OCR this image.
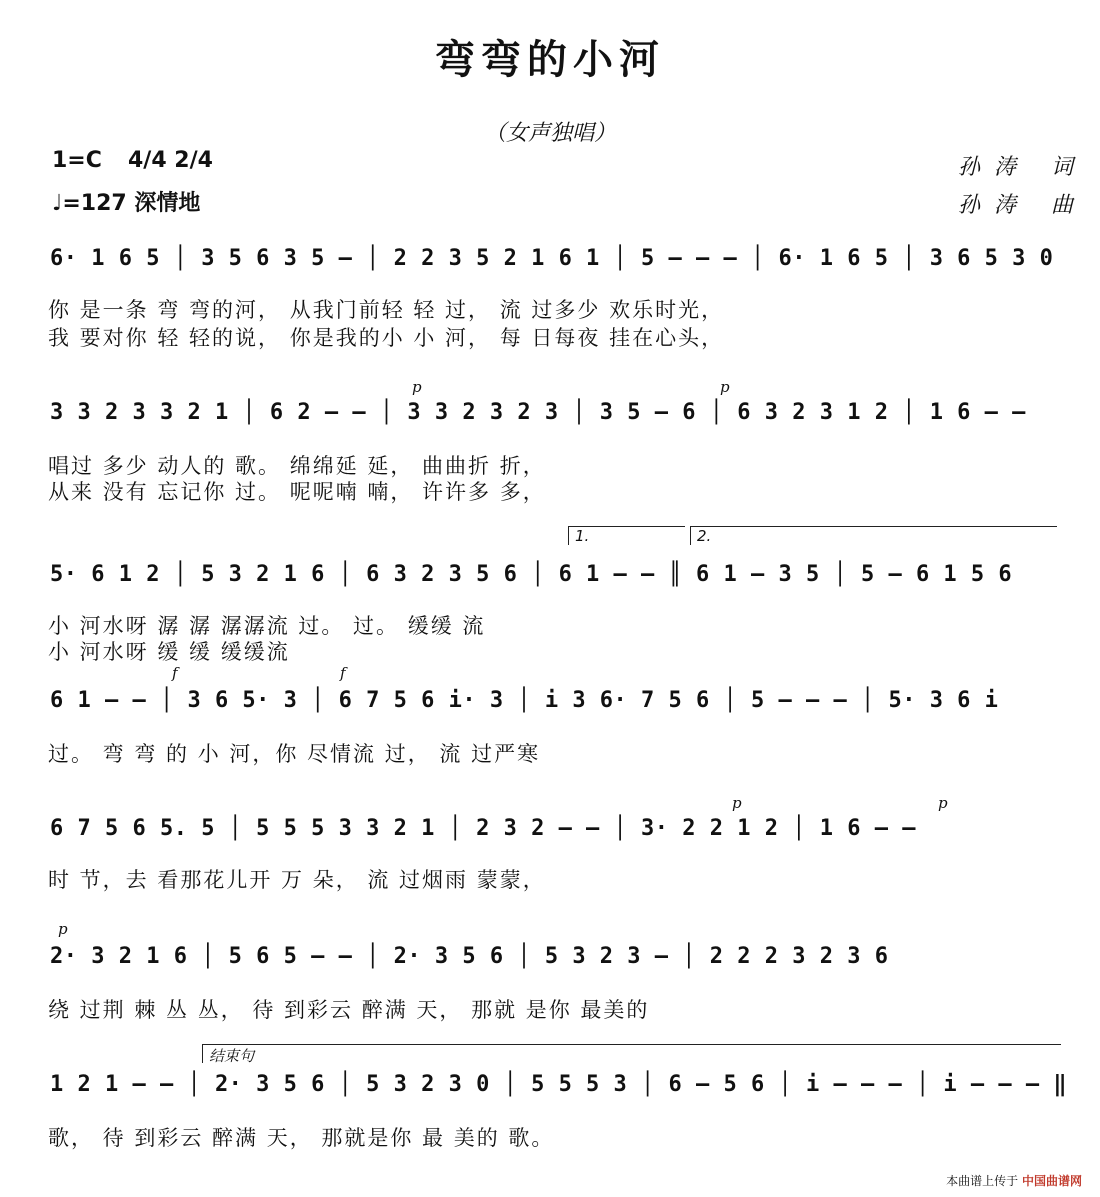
弯弯的小河
（女声独唱）
1=C 4/4 2/4
♩=127 深情地
孙涛 词
孙涛 曲
6· 1 6 5 │ 3 5 6 3 5 — │ 2 2 3 5 2 1 6 1 │ 5 — — — │ 6· 1 6 5 │ 3 6 5 3 0
你 是一条 弯 弯的河， 从我门前轻 轻 过， 流 过多少 欢乐时光，
我 要对你 轻 轻的说， 你是我的小 小 河， 每 日每夜 挂在心头，
p	p
3 3 2 3 3 2 1 │ 6 2 — — │ 3 3 2 3 2 3 │ 3 5 — 6 │ 6 3 2 3 1 2 │ 1 6 — —
唱过 多少 动人的 歌。 绵绵延 延， 曲曲折 折，
从来 没有 忘记你 过。 呢呢喃 喃， 许许多 多，
1.	2.
5· 6 1 2 │ 5 3 2 1 6 │ 6 3 2 3 5 6 │ 6 1 — — ║ 6 1 — 3 5 │ 5 — 6 1 5 6
小 河水呀 潺 潺 潺潺流 过。 过。 缓缓 流
小 河水呀 缓 缓 缓缓流
f	f
6 1 — — │ 3 6 5· 3 │ 6 7 5 6 i· 3 │ i 3 6· 7 5 6 │ 5 — — — │ 5· 3 6 i
过。 弯 弯 的 小 河，你 尽情流 过， 流 过严寒
p	p
6 7 5 6 5. 5 │ 5 5 5 3 3 2 1 │ 2 3 2 — — │ 3· 2 2 1 2 │ 1 6 — —
时 节，去 看那花儿开 万 朵， 流 过烟雨 蒙蒙，
p
2· 3 2 1 6 │ 5 6 5 — — │ 2· 3 5 6 │ 5 3 2 3 — │ 2 2 2 3 2 3 6
绕 过荆 棘 丛 丛， 待 到彩云 醉满 天， 那就 是你 最美的
结束句
1 2 1 — — │ 2· 3 5 6 │ 5 3 2 3 0 │ 5 5 5 3 │ 6 — 5 6 │ i — — — │ i — — — ‖
歌， 待 到彩云 醉满 天， 那就是你 最 美的 歌。
本曲谱上传于 中国曲谱网
